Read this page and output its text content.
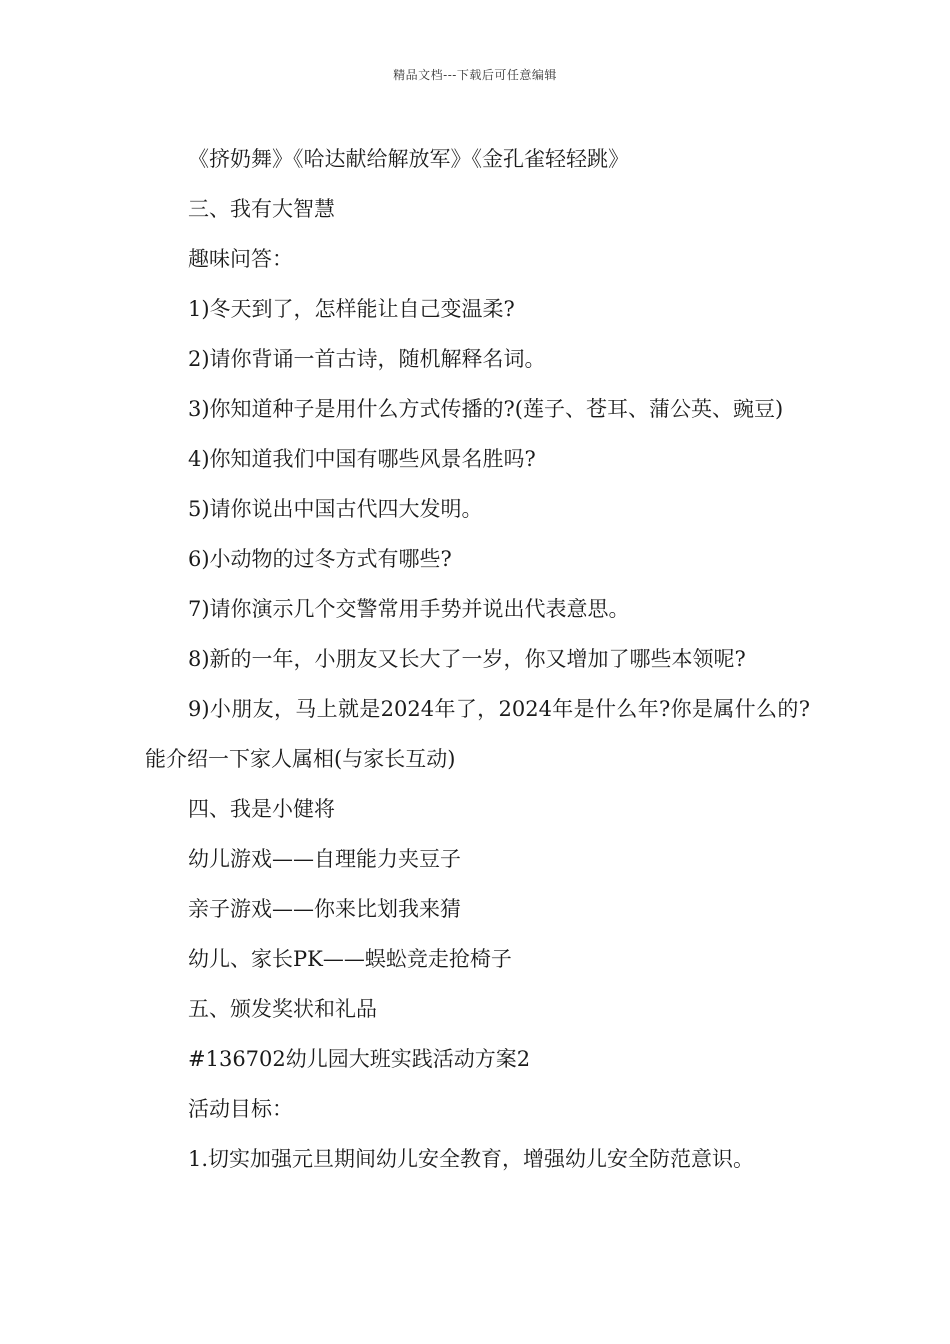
精品文档---下载后可任意编辑
《挤奶舞》《哈达献给解放军》《金孔雀轻轻跳》
三、我有大智慧
趣味问答：
1)冬天到了，怎样能让自己变温柔?
2)请你背诵一首古诗，随机解释名词。
3)你知道种子是用什么方式传播的?(莲子、苍耳、蒲公英、豌豆)
4)你知道我们中国有哪些风景名胜吗?
5)请你说出中国古代四大发明。
6)小动物的过冬方式有哪些?
7)请你演示几个交警常用手势并说出代表意思。
8)新的一年，小朋友又长大了一岁，你又增加了哪些本领呢?
9)小朋友，马上就是2024年了，2024年是什么年?你是属什么的?能介绍一下家人属相(与家长互动)
四、我是小健将
幼儿游戏——自理能力夹豆子
亲子游戏——你来比划我来猜
幼儿、家长PK——蜈蚣竞走抢椅子
五、颁发奖状和礼品
#136702幼儿园大班实践活动方案2
活动目标：
1.切实加强元旦期间幼儿安全教育，增强幼儿安全防范意识。
